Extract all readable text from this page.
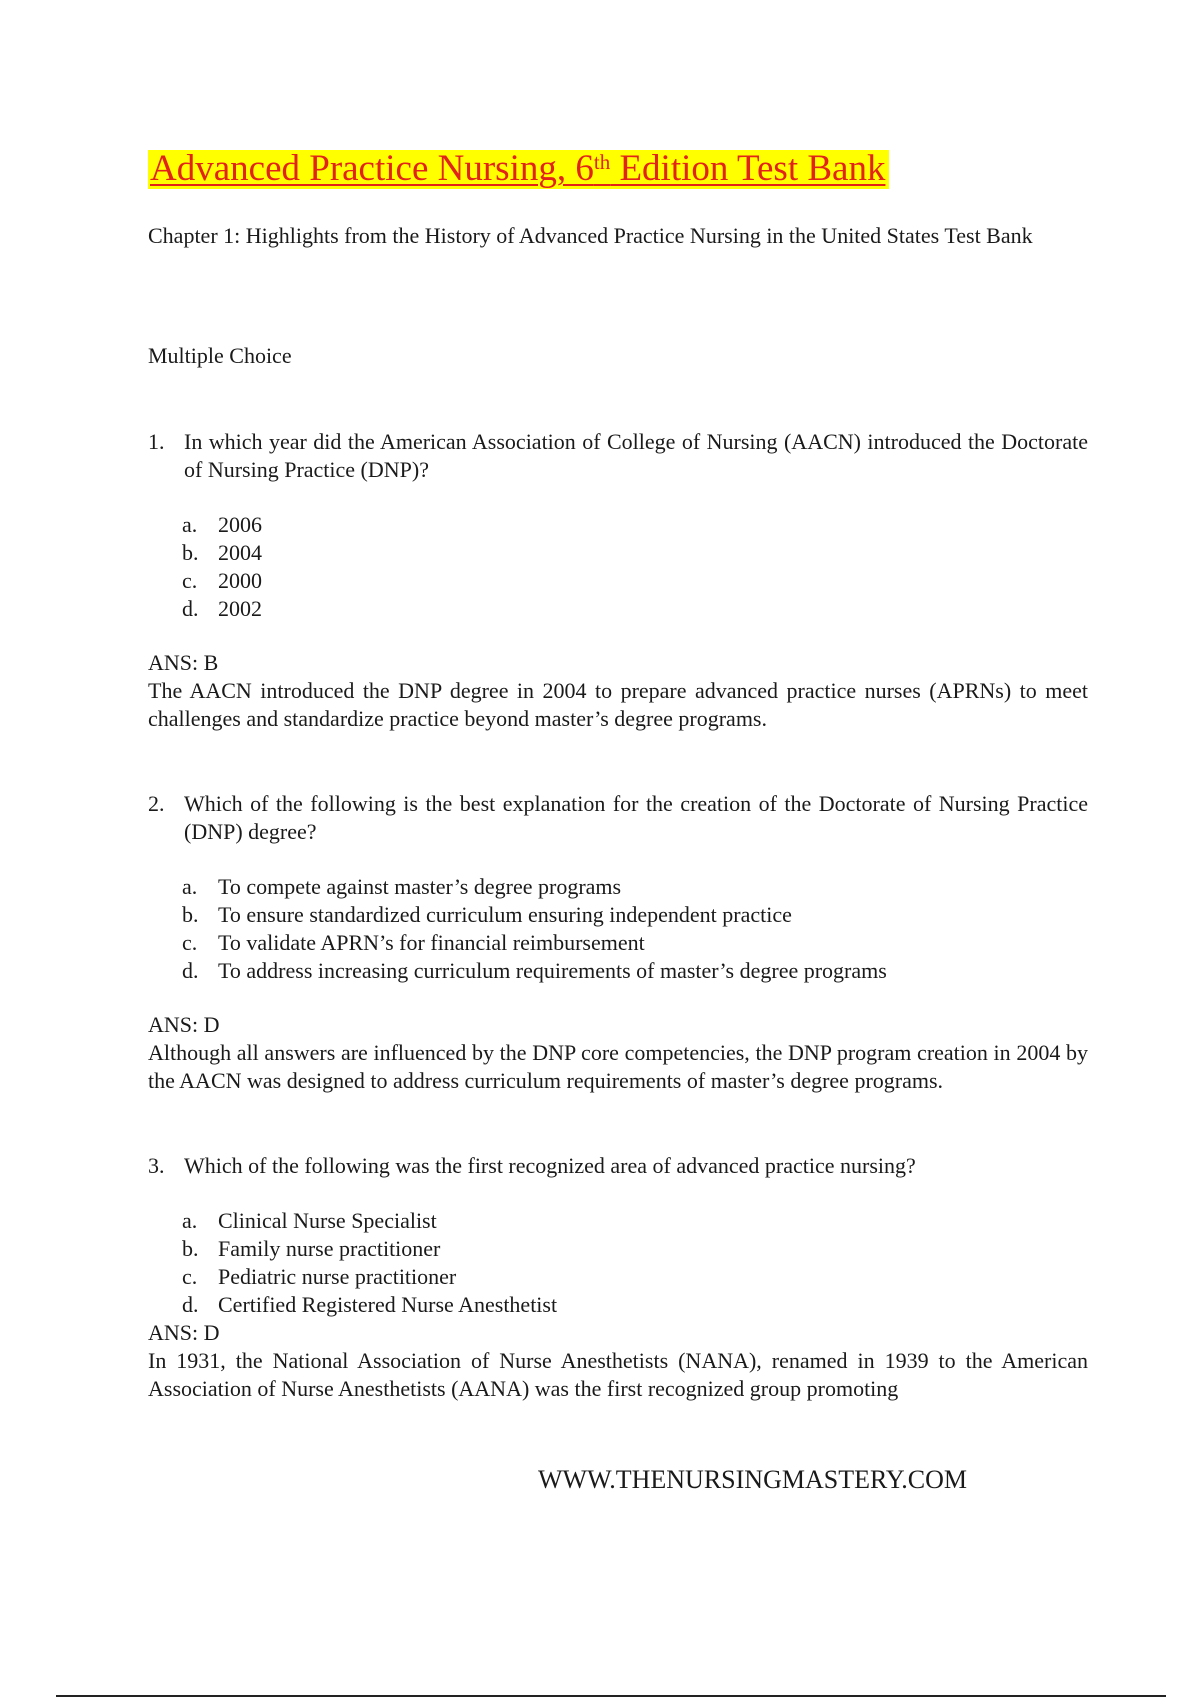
Advanced Practice Nursing, 6th Edition Test Bank
Chapter 1: Highlights from the History of Advanced Practice Nursing in the United States Test Bank
Multiple Choice
1. In which year did the American Association of College of Nursing (AACN) introduced the Doctorate of Nursing Practice (DNP)?
a. 2006
b. 2004
c. 2000
d. 2002
ANS: B
The AACN introduced the DNP degree in 2004 to prepare advanced practice nurses (APRNs) to meet challenges and standardize practice beyond master’s degree programs.
2. Which of the following is the best explanation for the creation of the Doctorate of Nursing Practice (DNP) degree?
a. To compete against master’s degree programs
b. To ensure standardized curriculum ensuring independent practice
c. To validate APRN’s for financial reimbursement
d. To address increasing curriculum requirements of master’s degree programs
ANS: D
Although all answers are influenced by the DNP core competencies, the DNP program creation in 2004 by the AACN was designed to address curriculum requirements of master’s degree programs.
3. Which of the following was the first recognized area of advanced practice nursing?
a. Clinical Nurse Specialist
b. Family nurse practitioner
c. Pediatric nurse practitioner
d. Certified Registered Nurse Anesthetist
ANS: D
In 1931, the National Association of Nurse Anesthetists (NANA), renamed in 1939 to the American Association of Nurse Anesthetists (AANA) was the first recognized group promoting
WWW.THENURSINGMASTERY.COM
